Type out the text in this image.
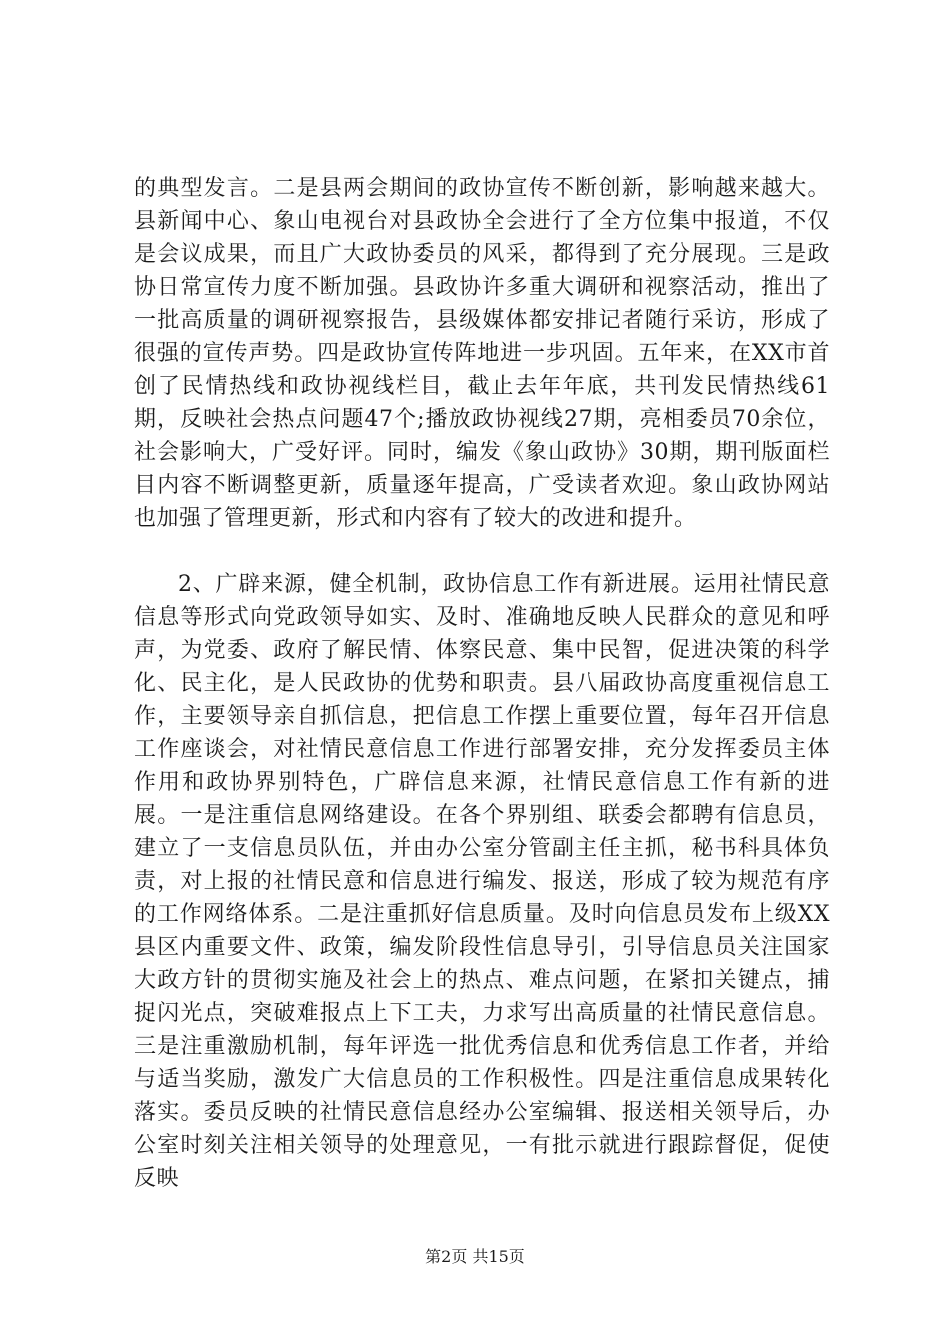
的典型发言。二是县两会期间的政协宣传不断创新，影响越来越大。县新闻中心、象山电视台对县政协全会进行了全方位集中报道，不仅是会议成果，而且广大政协委员的风采，都得到了充分展现。三是政协日常宣传力度不断加强。县政协许多重大调研和视察活动，推出了一批高质量的调研视察报告，县级媒体都安排记者随行采访，形成了很强的宣传声势。四是政协宣传阵地进一步巩固。五年来，在XX市首创了民情热线和政协视线栏目，截止去年年底，共刊发民情热线61期，反映社会热点问题47个;播放政协视线27期，亮相委员70余位，社会影响大，广受好评。同时，编发《象山政协》30期，期刊版面栏目内容不断调整更新，质量逐年提高，广受读者欢迎。象山政协网站也加强了管理更新，形式和内容有了较大的改进和提升。

2、广辟来源，健全机制，政协信息工作有新进展。运用社情民意信息等形式向党政领导如实、及时、准确地反映人民群众的意见和呼声，为党委、政府了解民情、体察民意、集中民智，促进决策的科学化、民主化，是人民政协的优势和职责。县八届政协高度重视信息工作，主要领导亲自抓信息，把信息工作摆上重要位置，每年召开信息工作座谈会，对社情民意信息工作进行部署安排，充分发挥委员主体作用和政协界别特色，广辟信息来源，社情民意信息工作有新的进展。一是注重信息网络建设。在各个界别组、联委会都聘有信息员，建立了一支信息员队伍，并由办公室分管副主任主抓，秘书科具体负责，对上报的社情民意和信息进行编发、报送，形成了较为规范有序的工作网络体系。二是注重抓好信息质量。及时向信息员发布上级XX县区内重要文件、政策，编发阶段性信息导引，引导信息员关注国家大政方针的贯彻实施及社会上的热点、难点问题，在紧扣关键点，捕捉闪光点，突破难报点上下工夫，力求写出高质量的社情民意信息。三是注重激励机制，每年评选一批优秀信息和优秀信息工作者，并给与适当奖励，激发广大信息员的工作积极性。四是注重信息成果转化落实。委员反映的社情民意信息经办公室编辑、报送相关领导后，办公室时刻关注相关领导的处理意见，一有批示就进行跟踪督促，促使反映

第2页 共15页
